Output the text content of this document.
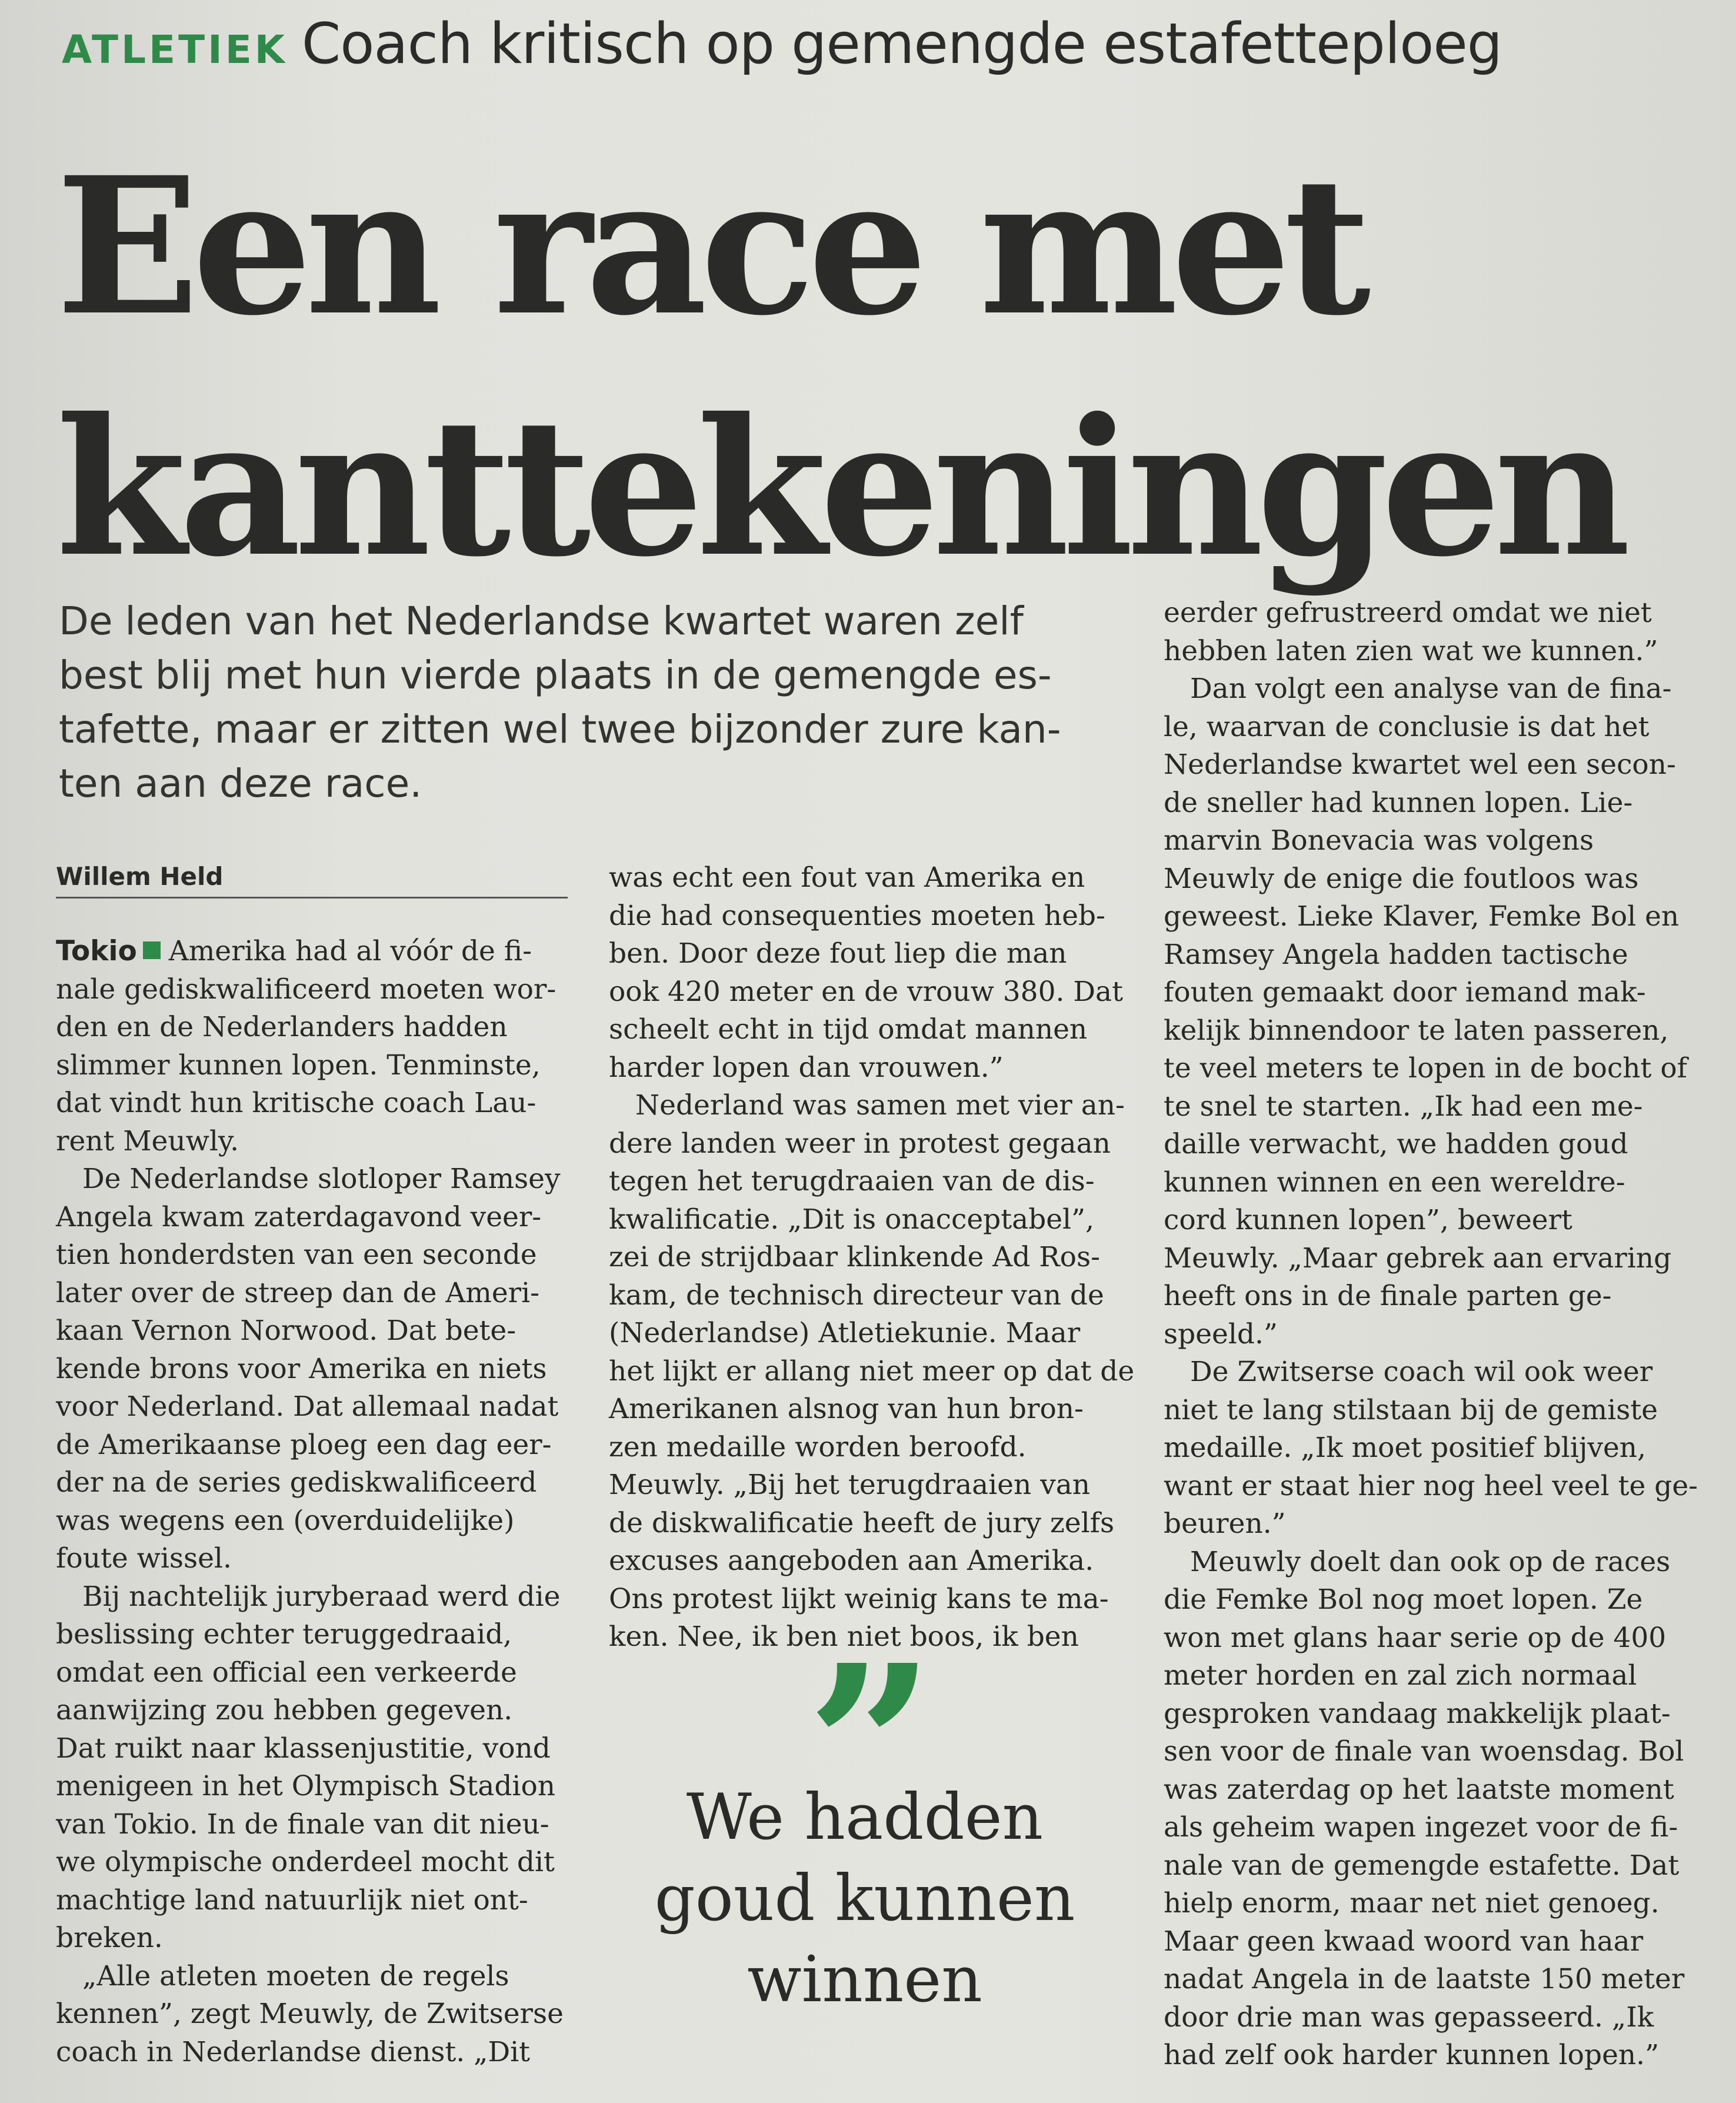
ATLETIEK Coach kritisch op gemengde estafetteploeg
Een race met
kanttekeningen

De leden van het Nederlandse kwartet waren zelf
best blij met hun vierde plaats in de gemengde es-
tafette, maar er zitten wel twee bijzonder zure kan-
ten aan deze race.

Willem Held
Tokio Amerika had al vóór de fi-
nale gediskwalificeerd moeten wor-
den en de Nederlanders hadden
slimmer kunnen lopen. Tenminste,
dat vindt hun kritische coach Lau-
rent Meuwly.
De Nederlandse slotloper Ramsey
Angela kwam zaterdagavond veer-
tien honderdsten van een seconde
later over de streep dan de Ameri-
kaan Vernon Norwood. Dat bete-
kende brons voor Amerika en niets
voor Nederland. Dat allemaal nadat
de Amerikaanse ploeg een dag eer-
der na de series gediskwalificeerd
was wegens een (overduidelijke)
foute wissel.
Bij nachtelijk juryberaad werd die
beslissing echter teruggedraaid,
omdat een official een verkeerde
aanwijzing zou hebben gegeven.
Dat ruikt naar klassenjustitie, vond
menigeen in het Olympisch Stadion
van Tokio. In de finale van dit nieu-
we olympische onderdeel mocht dit
machtige land natuurlijk niet ont-
breken.
„Alle atleten moeten de regels
kennen”, zegt Meuwly, de Zwitserse
coach in Nederlandse dienst. „Dit
was echt een fout van Amerika en
die had consequenties moeten heb-
ben. Door deze fout liep die man
ook 420 meter en de vrouw 380. Dat
scheelt echt in tijd omdat mannen
harder lopen dan vrouwen.”
Nederland was samen met vier an-
dere landen weer in protest gegaan
tegen het terugdraaien van de dis-
kwalificatie. „Dit is onacceptabel”,
zei de strijdbaar klinkende Ad Ros-
kam, de technisch directeur van de
(Nederlandse) Atletiekunie. Maar
het lijkt er allang niet meer op dat de
Amerikanen alsnog van hun bron-
zen medaille worden beroofd.
Meuwly. „Bij het terugdraaien van
de diskwalificatie heeft de jury zelfs
excuses aangeboden aan Amerika.
Ons protest lijkt weinig kans te ma-
ken. Nee, ik ben niet boos, ik ben
eerder gefrustreerd omdat we niet
hebben laten zien wat we kunnen.”
Dan volgt een analyse van de fina-
le, waarvan de conclusie is dat het
Nederlandse kwartet wel een secon-
de sneller had kunnen lopen. Lie-
marvin Bonevacia was volgens
Meuwly de enige die foutloos was
geweest. Lieke Klaver, Femke Bol en
Ramsey Angela hadden tactische
fouten gemaakt door iemand mak-
kelijk binnendoor te laten passeren,
te veel meters te lopen in de bocht of
te snel te starten. „Ik had een me-
daille verwacht, we hadden goud
kunnen winnen en een wereldre-
cord kunnen lopen”, beweert
Meuwly. „Maar gebrek aan ervaring
heeft ons in de finale parten ge-
speeld.”
De Zwitserse coach wil ook weer
niet te lang stilstaan bij de gemiste
medaille. „Ik moet positief blijven,
want er staat hier nog heel veel te ge-
beuren.”
Meuwly doelt dan ook op de races
die Femke Bol nog moet lopen. Ze
won met glans haar serie op de 400
meter horden en zal zich normaal
gesproken vandaag makkelijk plaat-
sen voor de finale van woensdag. Bol
was zaterdag op het laatste moment
als geheim wapen ingezet voor de fi-
nale van de gemengde estafette. Dat
hielp enorm, maar net niet genoeg.
Maar geen kwaad woord van haar
nadat Angela in de laatste 150 meter
door drie man was gepasseerd. „Ik
had zelf ook harder kunnen lopen.”

We hadden
goud kunnen
winnen
